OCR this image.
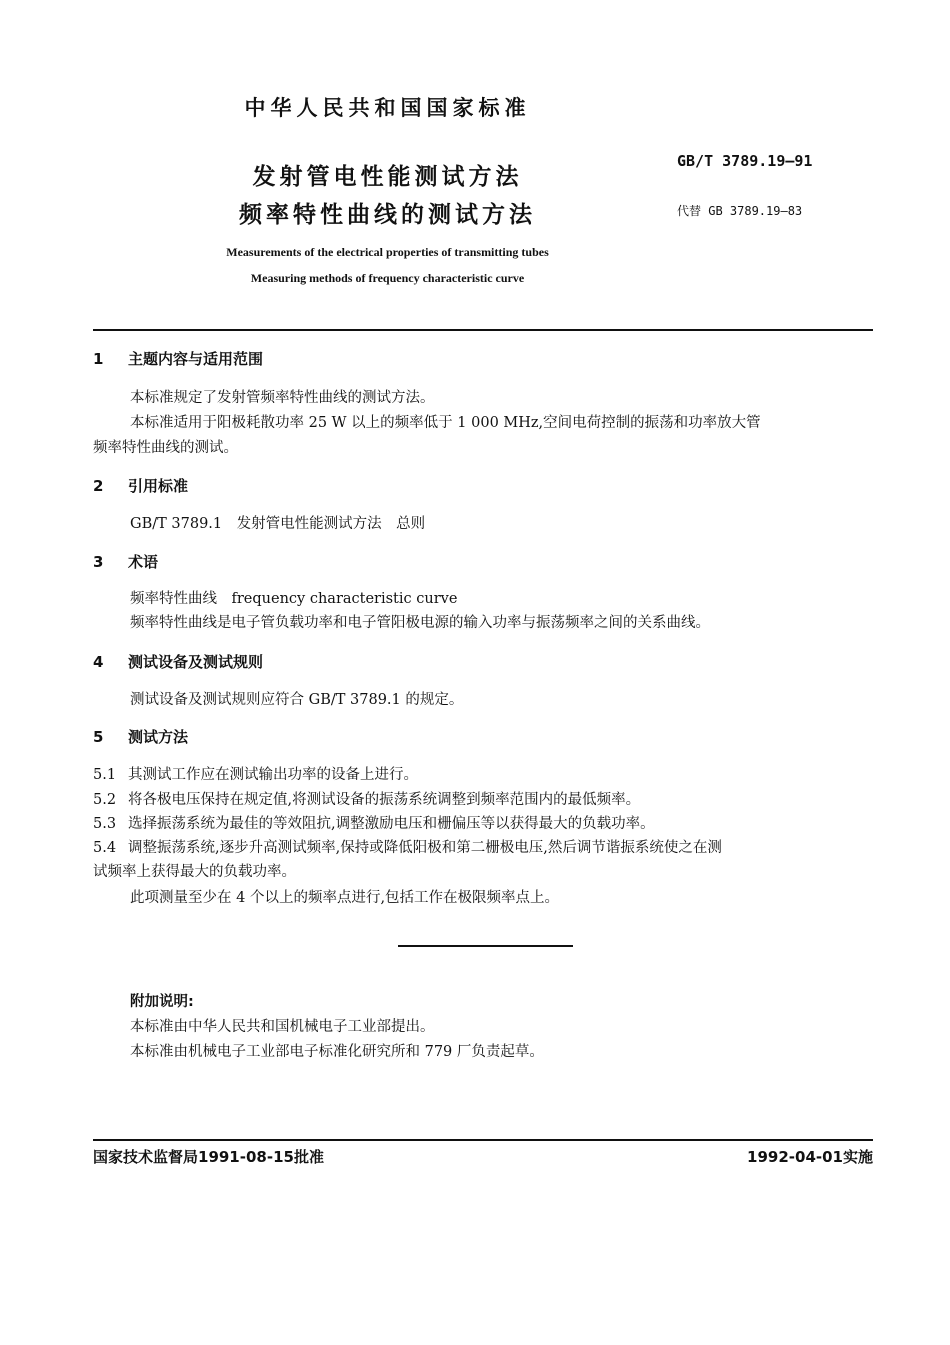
中华人民共和国国家标准
发射管电性能测试方法
频率特性曲线的测试方法
GB/T 3789.19—91
代替 GB 3789.19—83
Measurements of the electrical properties of transmitting tubes
Measuring methods of frequency characteristic curve
1 主题内容与适用范围
本标准规定了发射管频率特性曲线的测试方法。
本标准适用于阳极耗散功率 25 W 以上的频率低于 1 000 MHz,空间电荷控制的振荡和功率放大管
频率特性曲线的测试。
2 引用标准
GB/T 3789.1　发射管电性能测试方法　总则
3 术语
频率特性曲线　frequency characteristic curve
频率特性曲线是电子管负载功率和电子管阳极电源的输入功率与振荡频率之间的关系曲线。
4 测试设备及测试规则
测试设备及测试规则应符合 GB/T 3789.1 的规定。
5 测试方法
5.1 其测试工作应在测试输出功率的设备上进行。
5.2 将各极电压保持在规定值,将测试设备的振荡系统调整到频率范围内的最低频率。
5.3 选择振荡系统为最佳的等效阻抗,调整激励电压和栅偏压等以获得最大的负载功率。
5.4 调整振荡系统,逐步升高测试频率,保持或降低阳极和第二栅极电压,然后调节谐振系统使之在测
试频率上获得最大的负载功率。
此项测量至少在 4 个以上的频率点进行,包括工作在极限频率点上。
附加说明:
本标准由中华人民共和国机械电子工业部提出。
本标准由机械电子工业部电子标准化研究所和 779 厂负责起草。
国家技术监督局1991-08-15批准	1992-04-01实施
